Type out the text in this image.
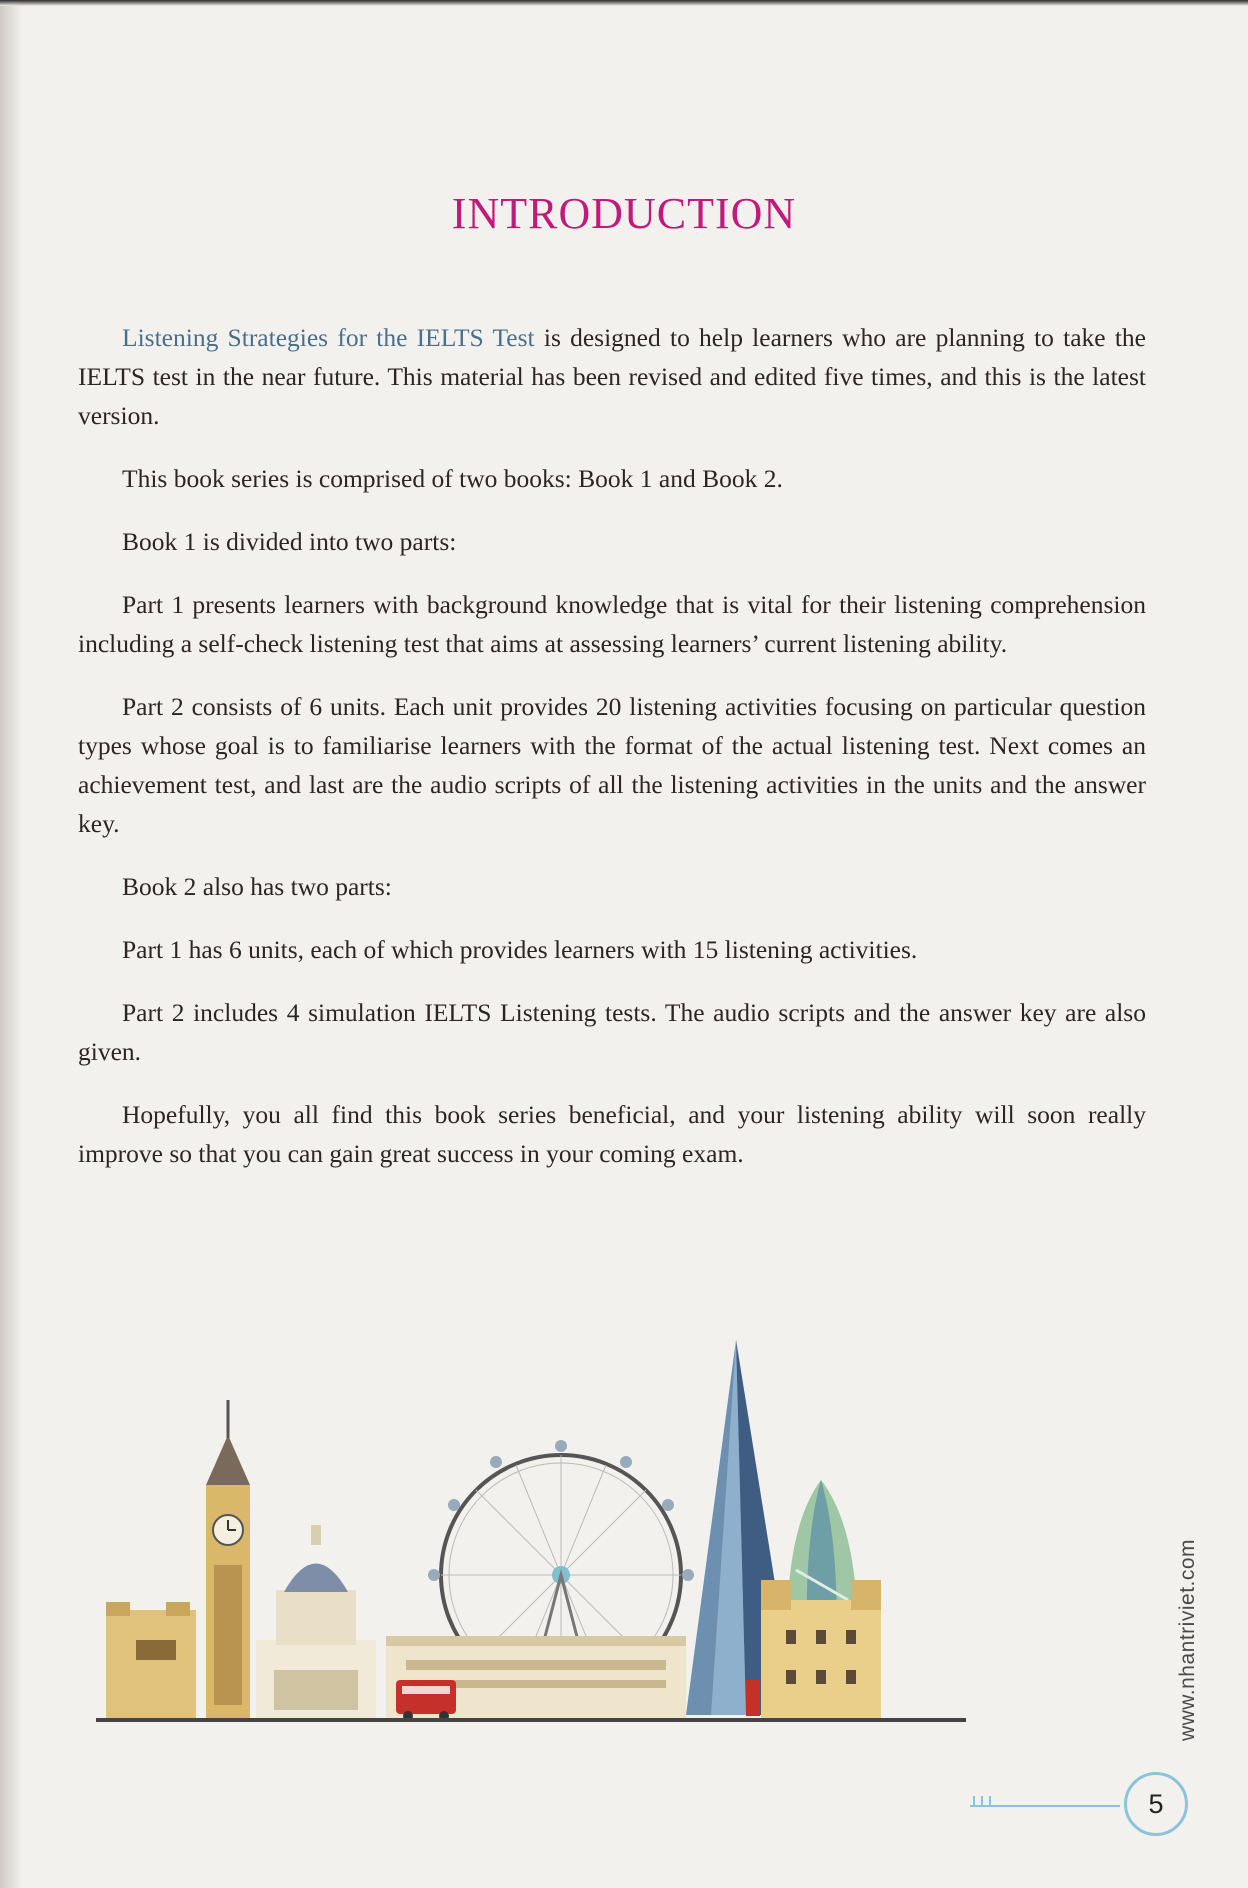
INTRODUCTION

Listening Strategies for the IELTS Test is designed to help learners who are planning to take the IELTS test in the near future. This material has been revised and edited five times, and this is the latest version.

This book series is comprised of two books: Book 1 and Book 2.

Book 1 is divided into two parts:

Part 1 presents learners with background knowledge that is vital for their listening comprehension including a self-check listening test that aims at assessing learners’ current listening ability.

Part 2 consists of 6 units. Each unit provides 20 listening activities focusing on particular question types whose goal is to familiarise learners with the format of the actual listening test. Next comes an achievement test, and last are the audio scripts of all the listening activities in the units and the answer key.

Book 2 also has two parts:

Part 1 has 6 units, each of which provides learners with 15 listening activities.

Part 2 includes 4 simulation IELTS Listening tests. The audio scripts and the answer key are also given.

Hopefully, you all find this book series beneficial, and your listening ability will soon really improve so that you can gain great success in your coming exam.

www.nhantriviet.com
5
